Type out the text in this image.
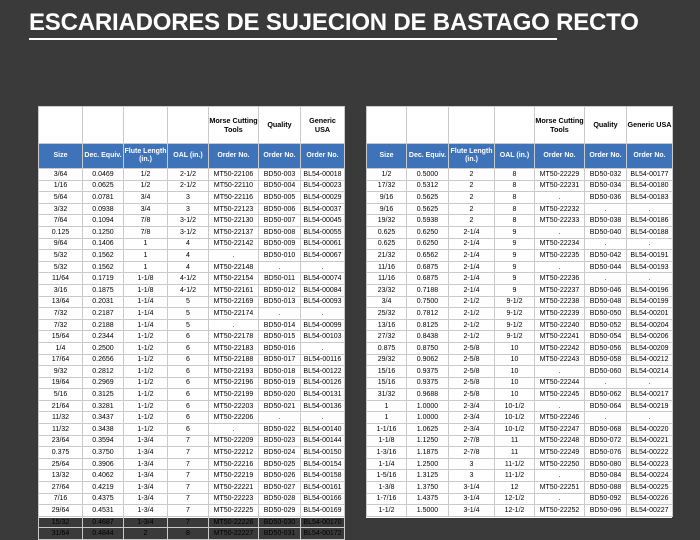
ESCARIADORES DE SUJECION DE BASTAGO RECTO
				Morse Cutting Tools	Quality	Generic USA
Size	Dec. Equiv.	Flute Length (in.)	OAL (in.)	Order No.	Order No.	Order No.
3/64	0.0469	1/2	2-1/2	MT50-22106	BD50-003	BL54-00018
1/16	0.0625	1/2	2-1/2	MT50-22110	BD50-004	BL54-00023
5/64	0.0781	3/4	3	MT50-22116	BD50-005	BL54-00029
3/32	0.0938	3/4	3	MT50-22123	BD50-006	BL54-00037
7/64	0.1094	7/8	3-1/2	MT50-22130	BD50-007	BL54-00045
0.125	0.1250	7/8	3-1/2	MT50-22137	BD50-008	BL54-00055
9/64	0.1406	1	4	MT50-22142	BD50-009	BL54-00061
5/32	0.1562	1	4	.	BD50-010	BL54-00067
5/32	0.1562	1	4	MT50-22148	.	.
11/64	0.1719	1-1/8	4-1/2	MT50-22154	BD50-011	BL54-00074
3/16	0.1875	1-1/8	4-1/2	MT50-22161	BD50-012	BL54-00084
13/64	0.2031	1-1/4	5	MT50-22169	BD50-013	BL54-00093
7/32	0.2187	1-1/4	5	MT50-22174	.	.
7/32	0.2188	1-1/4	5	.	BD50-014	BL54-00099
15/64	0.2344	1-1/2	6	MT50-22178	BD50-015	BL54-00103
1/4	0.2500	1-1/2	6	MT50-22183	BD50-016	.
17/64	0.2656	1-1/2	6	MT50-22188	BD50-017	BL54-00116
9/32	0.2812	1-1/2	6	MT50-22193	BD50-018	BL54-00122
19/64	0.2969	1-1/2	6	MT50-22196	BD50-019	BL54-00126
5/16	0.3125	1-1/2	6	MT50-22199	BD50-020	BL54-00131
21/64	0.3281	1-1/2	6	MT50-22203	BD50-021	BL54-00136
11/32	0.3437	1-1/2	6	MT50-22206	.	.
11/32	0.3438	1-1/2	6	.	BD50-022	BL54-00140
23/64	0.3594	1-3/4	7	MT50-22209	BD50-023	BL54-00144
0.375	0.3750	1-3/4	7	MT50-22212	BD50-024	BL54-00150
25/64	0.3906	1-3/4	7	MT50-22216	BD50-025	BL54-00154
13/32	0.4062	1-3/4	7	MT50-22219	BD50-026	BL54-00158
27/64	0.4219	1-3/4	7	MT50-22221	BD50-027	BL54-00161
7/16	0.4375	1-3/4	7	MT50-22223	BD50-028	BL54-00166
29/64	0.4531	1-3/4	7	MT50-22225	BD50-029	BL54-00169
15/32	0.4687	1-3/4	7	MT50-22226	BD50-030	BL54-00170
31/64	0.4844	2	8	MT50-22227	BD50-031	BL54-00172
				Morse Cutting Tools	Quality	Generic USA
Size	Dec. Equiv.	Flute Length (in.)	OAL (in.)	Order No.	Order No.	Order No.
1/2	0.5000	2	8	MT50-22229	BD50-032	BL54-00177
17/32	0.5312	2	8	MT50-22231	BD50-034	BL54-00180
9/16	0.5625	2	8	.	BD50-036	BL54-00183
9/16	0.5625	2	8	MT50-22232	.	.
19/32	0.5938	2	8	MT50-22233	BD50-038	BL54-00186
0.625	0.6250	2-1/4	9	.	BD50-040	BL54-00188
0.625	0.6250	2-1/4	9	MT50-22234	.	.
21/32	0.6562	2-1/4	9	MT50-22235	BD50-042	BL54-00191
11/16	0.6875	2-1/4	9	.	BD50-044	BL54-00193
11/16	0.6875	2-1/4	9	MT50-22236	.	.
23/32	0.7188	2-1/4	9	MT50-22237	BD50-046	BL54-00196
3/4	0.7500	2-1/2	9-1/2	MT50-22238	BD50-048	BL54-00199
25/32	0.7812	2-1/2	9-1/2	MT50-22239	BD50-050	BL54-00201
13/16	0.8125	2-1/2	9-1/2	MT50-22240	BD50-052	BL54-00204
27/32	0.8438	2-1/2	9-1/2	MT50-22241	BD50-054	BL54-00206
0.875	0.8750	2-5/8	10	MT50-22242	BD50-056	BL54-00209
29/32	0.9062	2-5/8	10	MT50-22243	BD50-058	BL54-00212
15/16	0.9375	2-5/8	10	.	BD50-060	BL54-00214
15/16	0.9375	2-5/8	10	MT50-22244	.	.
31/32	0.9688	2-5/8	10	MT50-22245	BD50-062	BL54-00217
1	1.0000	2-3/4	10-1/2	.	BD50-064	BL54-00219
1	1.0000	2-3/4	10-1/2	MT50-22246	.	.
1-1/16	1.0625	2-3/4	10-1/2	MT50-22247	BD50-068	BL54-00220
1-1/8	1.1250	2-7/8	11	MT50-22248	BD50-072	BL54-00221
1-3/16	1.1875	2-7/8	11	MT50-22249	BD50-076	BL54-00222
1-1/4	1.2500	3	11-1/2	MT50-22250	BD50-080	BL54-00223
1-5/16	1.3125	3	11-1/2	.	BD50-084	BL54-00224
1-3/8	1.3750	3-1/4	12	MT50-22251	BD50-088	BL54-00225
1-7/16	1.4375	3-1/4	12-1/2	.	BD50-092	BL54-00226
1-1/2	1.5000	3-1/4	12-1/2	MT50-22252	BD50-096	BL54-00227
